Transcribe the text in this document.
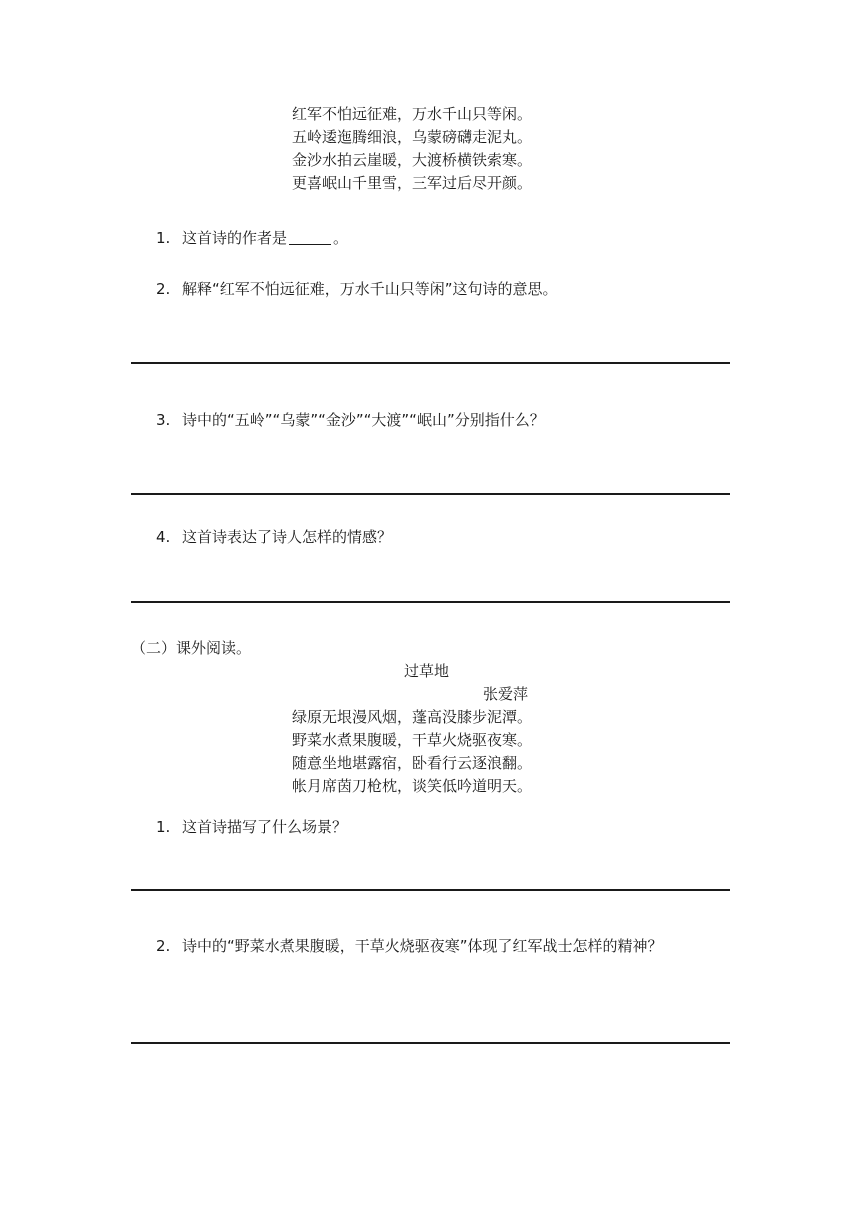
红军不怕远征难，万水千山只等闲。
五岭逶迤腾细浪，乌蒙磅礴走泥丸。
金沙水拍云崖暖，大渡桥横铁索寒。
更喜岷山千里雪，三军过后尽开颜。
1. 这首诗的作者是	。
2. 解释“红军不怕远征难，万水千山只等闲”这句诗的意思。
3. 诗中的“五岭”“乌蒙”“金沙”“大渡”“岷山”分别指什么？
4. 这首诗表达了诗人怎样的情感？
（二）课外阅读。
过草地
张爱萍
绿原无垠漫风烟，蓬高没膝步泥潭。
野菜水煮果腹暖，干草火烧驱夜寒。
随意坐地堪露宿，卧看行云逐浪翻。
帐月席茵刀枪枕，谈笑低吟道明天。
1. 这首诗描写了什么场景？
2. 诗中的“野菜水煮果腹暖，干草火烧驱夜寒”体现了红军战士怎样的精神？
